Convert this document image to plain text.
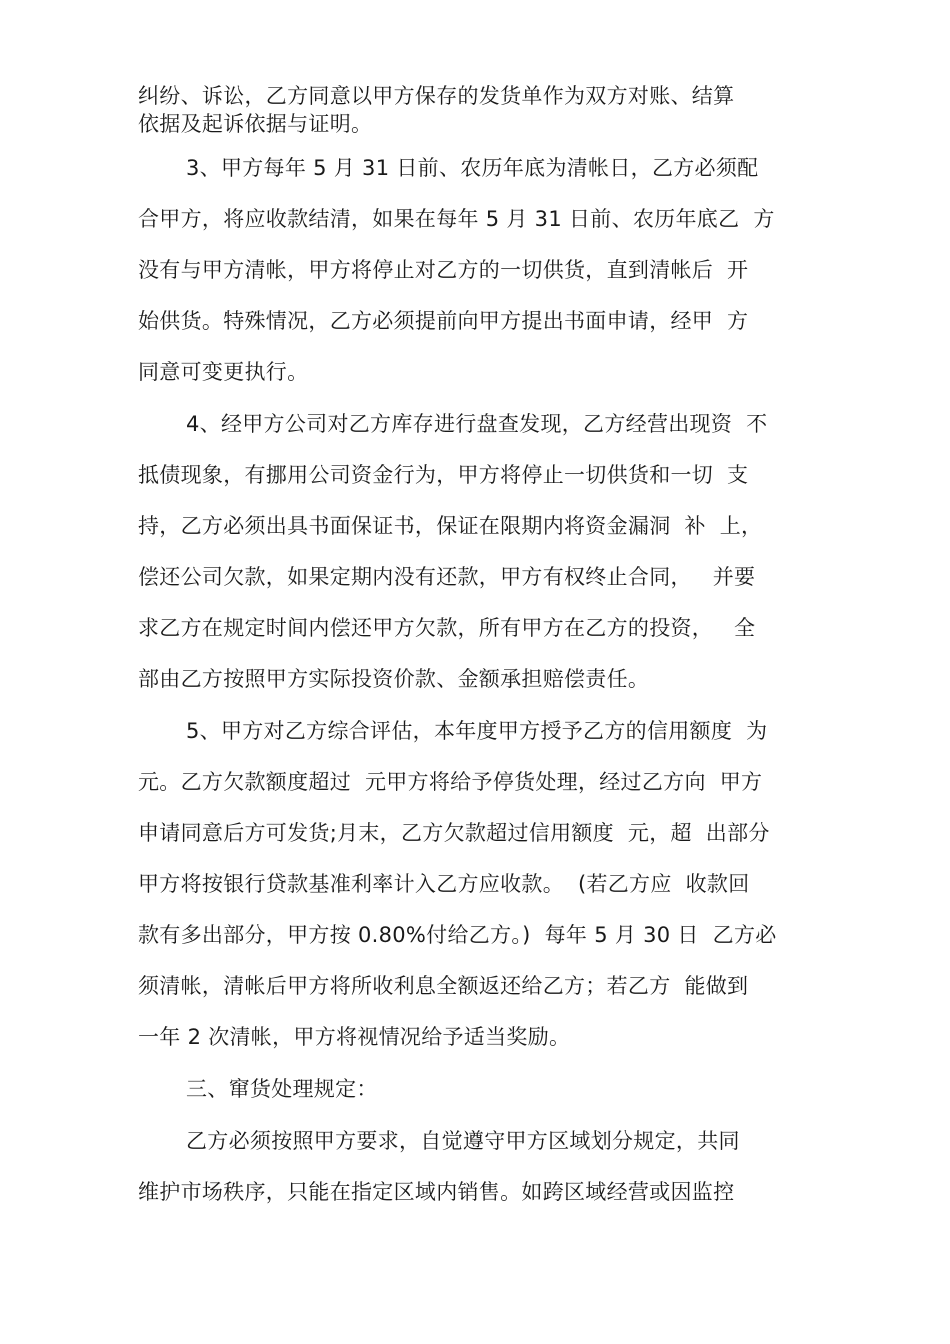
纠纷、诉讼，乙方同意以甲方保存的发货单作为双方对账、结算
依据及起诉依据与证明。
3、甲方每年 5 月 31 日前、农历年底为清帐日，乙方必须配
合甲方，将应收款结清，如果在每年 5 月 31 日前、农历年底乙  方
没有与甲方清帐，甲方将停止对乙方的一切供货，直到清帐后  开
始供货。特殊情况，乙方必须提前向甲方提出书面申请，经甲  方
同意可变更执行。
4、经甲方公司对乙方库存进行盘查发现，乙方经营出现资  不
抵债现象，有挪用公司资金行为，甲方将停止一切供货和一切  支
持，乙方必须出具书面保证书，保证在限期内将资金漏洞  补  上，
偿还公司欠款，如果定期内没有还款，甲方有权终止合同，   并要
求乙方在规定时间内偿还甲方欠款，所有甲方在乙方的投资，   全
部由乙方按照甲方实际投资价款、金额承担赔偿责任。
5、甲方对乙方综合评估，本年度甲方授予乙方的信用额度  为
元。乙方欠款额度超过  元甲方将给予停货处理，经过乙方向  甲方
申请同意后方可发货;月末，乙方欠款超过信用额度  元，超  出部分
甲方将按银行贷款基准利率计入乙方应收款。  (若乙方应  收款回
款有多出部分，甲方按 0.80%付给乙方。)  每年 5 月 30 日  乙方必
须清帐，清帐后甲方将所收利息全额返还给乙方；若乙方  能做到
一年 2 次清帐，甲方将视情况给予适当奖励。
三、窜货处理规定：
乙方必须按照甲方要求，自觉遵守甲方区域划分规定，共同
维护市场秩序，只能在指定区域内销售。如跨区域经营或因监控
